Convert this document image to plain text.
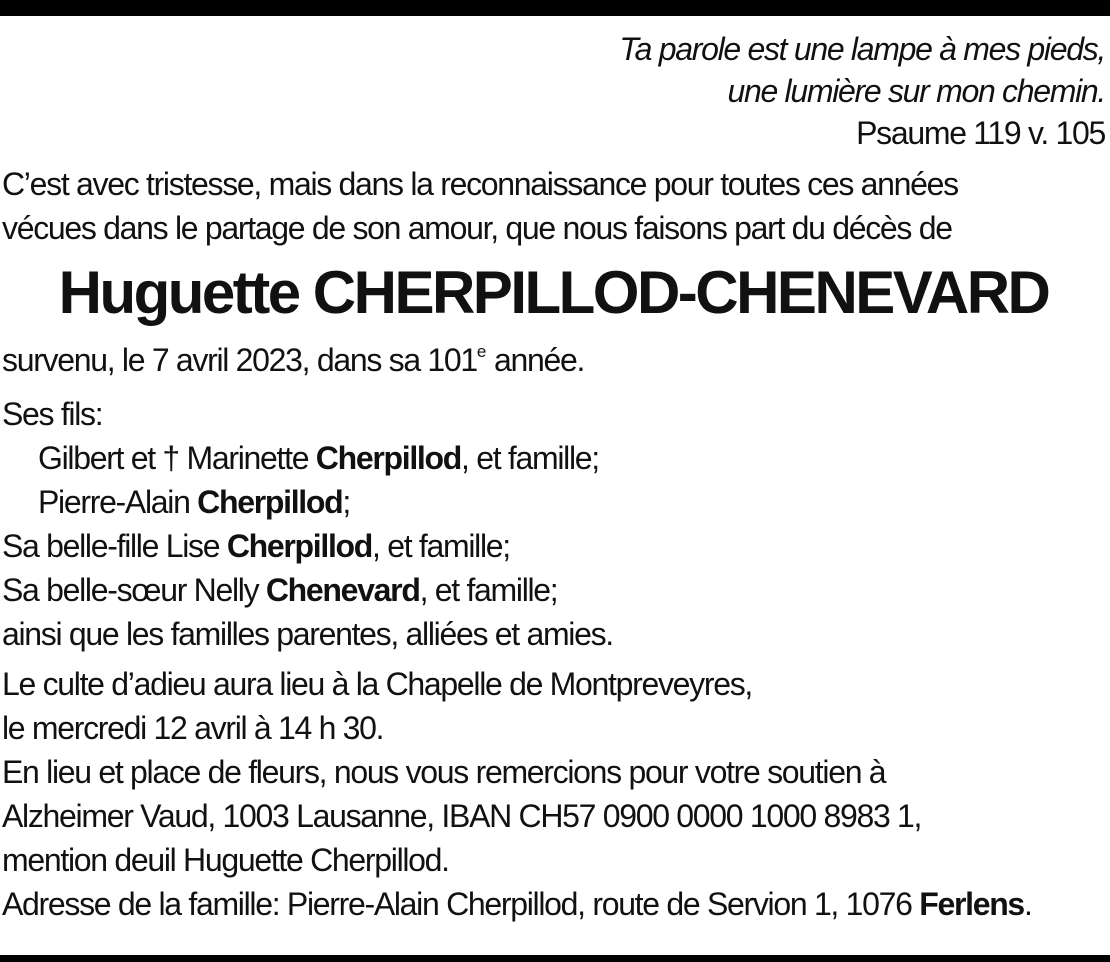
Ta parole est une lampe à mes pieds,
une lumière sur mon chemin.
Psaume 119 v. 105
C’est avec tristesse, mais dans la reconnaissance pour toutes ces années
vécues dans le partage de son amour, que nous faisons part du décès de
Huguette CHERPILLOD-CHENEVARD
survenu, le 7 avril 2023, dans sa 101e année.
Ses fils:
Gilbert et † Marinette Cherpillod, et famille;
Pierre-Alain Cherpillod;
Sa belle-fille Lise Cherpillod, et famille;
Sa belle-sœur Nelly Chenevard, et famille;
ainsi que les familles parentes, alliées et amies.
Le culte d’adieu aura lieu à la Chapelle de Montpreveyres,
le mercredi 12 avril à 14 h 30.
En lieu et place de fleurs, nous vous remercions pour votre soutien à
Alzheimer Vaud, 1003 Lausanne, IBAN CH57 0900 0000 1000 8983 1,
mention deuil Huguette Cherpillod.
Adresse de la famille: Pierre-Alain Cherpillod, route de Servion 1, 1076 Ferlens.
